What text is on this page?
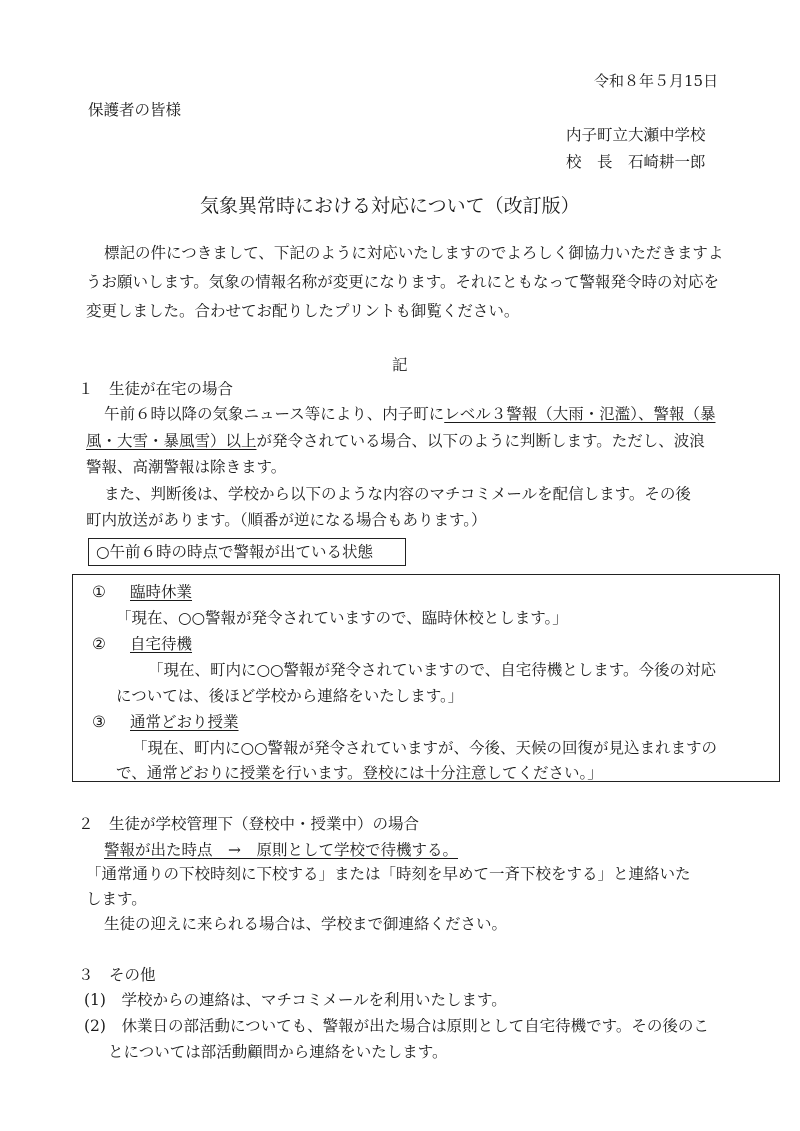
令和８年５月15日
保護者の皆様
内子町立大瀬中学校
校　長　石崎耕一郎
気象異常時における対応について（改訂版）
標記の件につきまして、下記のように対応いたしますのでよろしく御協力いただきますよ
うお願いします。気象の情報名称が変更になります。それにともなって警報発令時の対応を
変更しました。合わせてお配りしたプリントも御覧ください。
記
１　生徒が在宅の場合
午前６時以降の気象ニュース等により、内子町にレベル３警報（大雨・氾濫）、警報（暴
風・大雪・暴風雪）以上が発令されている場合、以下のように判断します。ただし、波浪
警報、高潮警報は除きます。
また、判断後は、学校から以下のような内容のマチコミメールを配信します。その後
町内放送があります。（順番が逆になる場合もあります。）
○午前６時の時点で警報が出ている状態
① 臨時休業
「現在、○○警報が発令されていますので、臨時休校とします。」
② 自宅待機
「現在、町内に○○警報が発令されていますので、自宅待機とします。今後の対応
については、後ほど学校から連絡をいたします。」
③ 通常どおり授業
「現在、町内に○○警報が発令されていますが、今後、天候の回復が見込まれますの
で、通常どおりに授業を行います。登校には十分注意してください。」
２　生徒が学校管理下（登校中・授業中）の場合
警報が出た時点　→　原則として学校で待機する。
「通常通りの下校時刻に下校する」または「時刻を早めて一斉下校をする」と連絡いた
します。
生徒の迎えに来られる場合は、学校まで御連絡ください。
３　その他
(1)　学校からの連絡は、マチコミメールを利用いたします。
(2)　休業日の部活動についても、警報が出た場合は原則として自宅待機です。その後のこ
とについては部活動顧問から連絡をいたします。
